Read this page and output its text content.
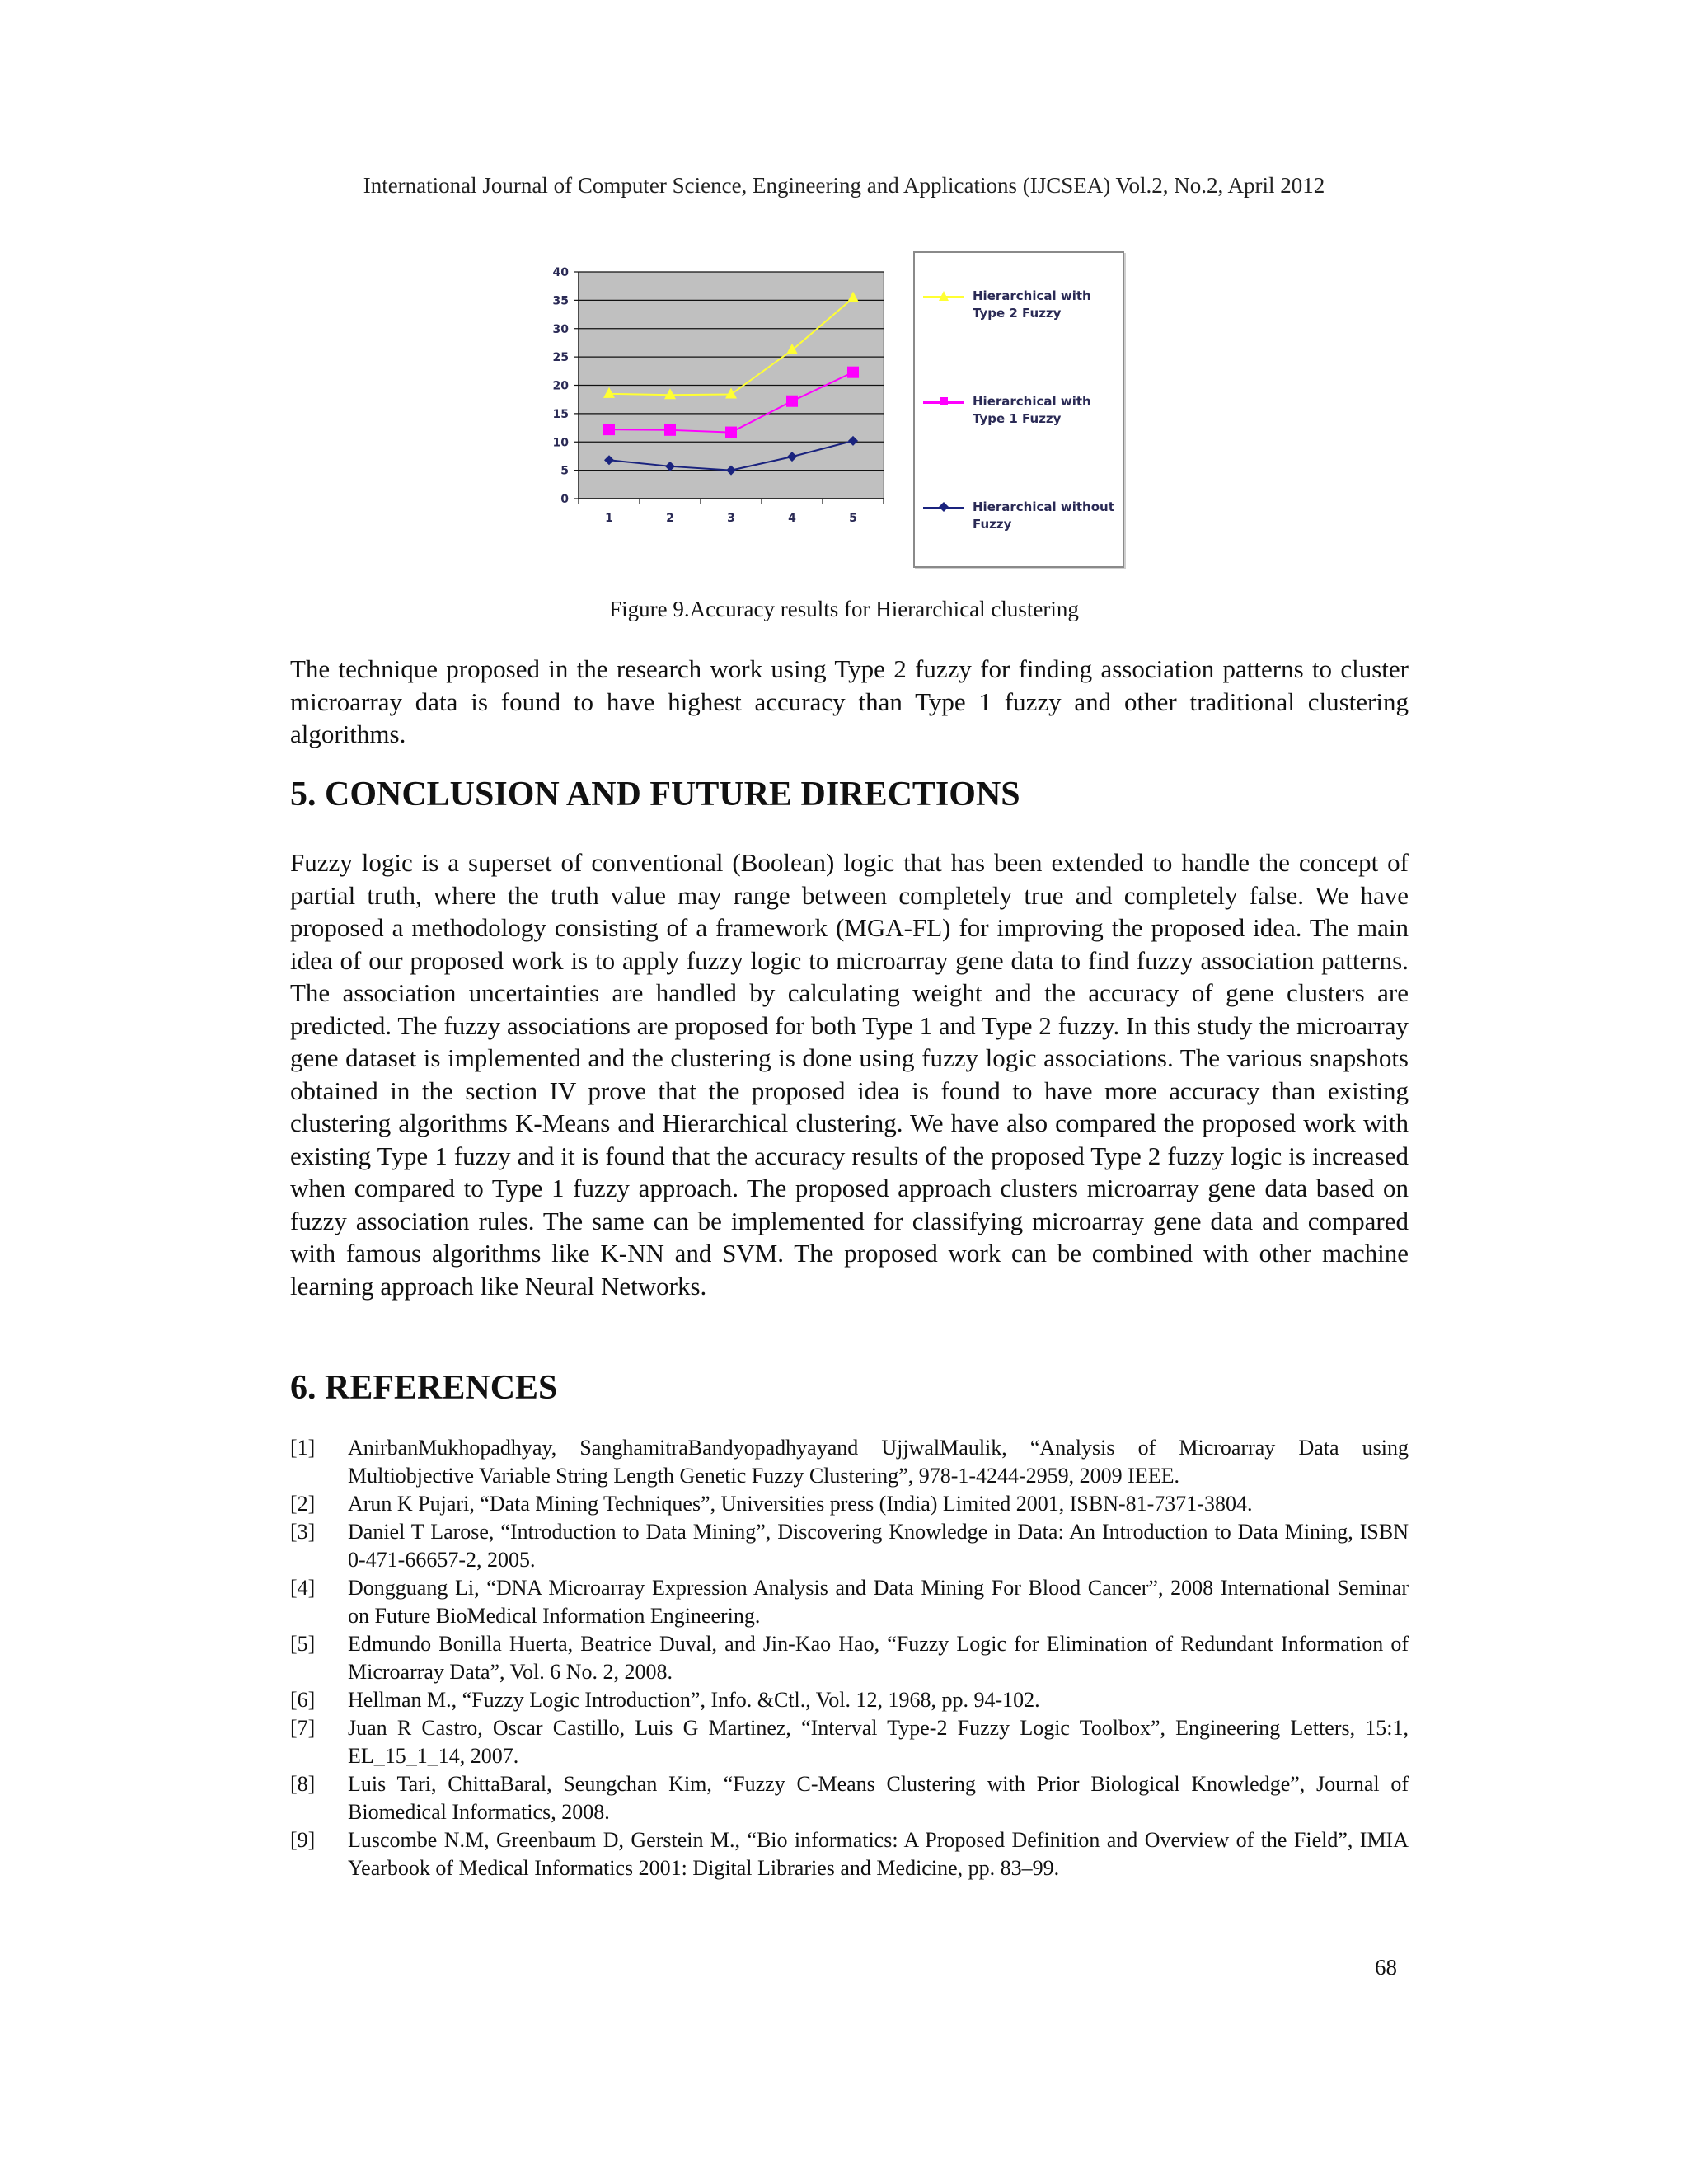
International Journal of Computer Science, Engineering and Applications (IJCSEA) Vol.2, No.2, April 2012
0
5
10
15
20
25
30
35
40
1	2	3	4	5
Hierarchical with Type 2 Fuzzy
Hierarchical with Type 1 Fuzzy
Hierarchical without Fuzzy
Figure 9.Accuracy results for Hierarchical clustering

The technique proposed in the research work using Type 2 fuzzy for finding association patterns to cluster microarray data is found to have highest accuracy than Type 1 fuzzy and other traditional clustering algorithms.

5. CONCLUSION AND FUTURE DIRECTIONS

Fuzzy logic is a superset of conventional (Boolean) logic that has been extended to handle the concept of partial truth, where the truth value may range between completely true and completely false. We have proposed a methodology consisting of a framework (MGA-FL) for improving the proposed idea. The main idea of our proposed work is to apply fuzzy logic to microarray gene data to find fuzzy association patterns. The association uncertainties are handled by calculating weight and the accuracy of gene clusters are predicted. The fuzzy associations are proposed for both Type 1 and Type 2 fuzzy. In this study the microarray gene dataset is implemented and the clustering is done using fuzzy logic associations. The various snapshots obtained in the section IV prove that the proposed idea is found to have more accuracy than existing clustering algorithms K-Means and Hierarchical clustering. We have also compared the proposed work with existing Type 1 fuzzy and it is found that the accuracy results of the proposed Type 2 fuzzy logic is increased when compared to Type 1 fuzzy approach. The proposed approach clusters microarray gene data based on fuzzy association rules. The same can be implemented for classifying microarray gene data and compared with famous algorithms like K-NN and SVM. The proposed work can be combined with other machine learning approach like Neural Networks.

6. REFERENCES
[1] AnirbanMukhopadhyay, SanghamitraBandyopadhyayand UjjwalMaulik, “Analysis of Microarray Data using Multiobjective Variable String Length Genetic Fuzzy Clustering”, 978-1-4244-2959, 2009 IEEE.
[2] Arun K Pujari, “Data Mining Techniques”, Universities press (India) Limited 2001, ISBN-81-7371-3804.
[3] Daniel T Larose, “Introduction to Data Mining”, Discovering Knowledge in Data: An Introduction to Data Mining, ISBN 0-471-66657-2, 2005.
[4] Dongguang Li, “DNA Microarray Expression Analysis and Data Mining For Blood Cancer”, 2008 International Seminar on Future BioMedical Information Engineering.
[5] Edmundo Bonilla Huerta, Beatrice Duval, and Jin-Kao Hao, “Fuzzy Logic for Elimination of Redundant Information of Microarray Data”, Vol. 6 No. 2, 2008.
[6] Hellman M., “Fuzzy Logic Introduction”, Info. &Ctl., Vol. 12, 1968, pp. 94-102.
[7] Juan R Castro, Oscar Castillo, Luis G Martinez, “Interval Type-2 Fuzzy Logic Toolbox”, Engineering Letters, 15:1, EL_15_1_14, 2007.
[8] Luis Tari, ChittaBaral, Seungchan Kim, “Fuzzy C-Means Clustering with Prior Biological Knowledge”, Journal of Biomedical Informatics, 2008.
[9] Luscombe N.M, Greenbaum D, Gerstein M., “Bio informatics: A Proposed Definition and Overview of the Field”, IMIA Yearbook of Medical Informatics 2001: Digital Libraries and Medicine, pp. 83–99.
68
